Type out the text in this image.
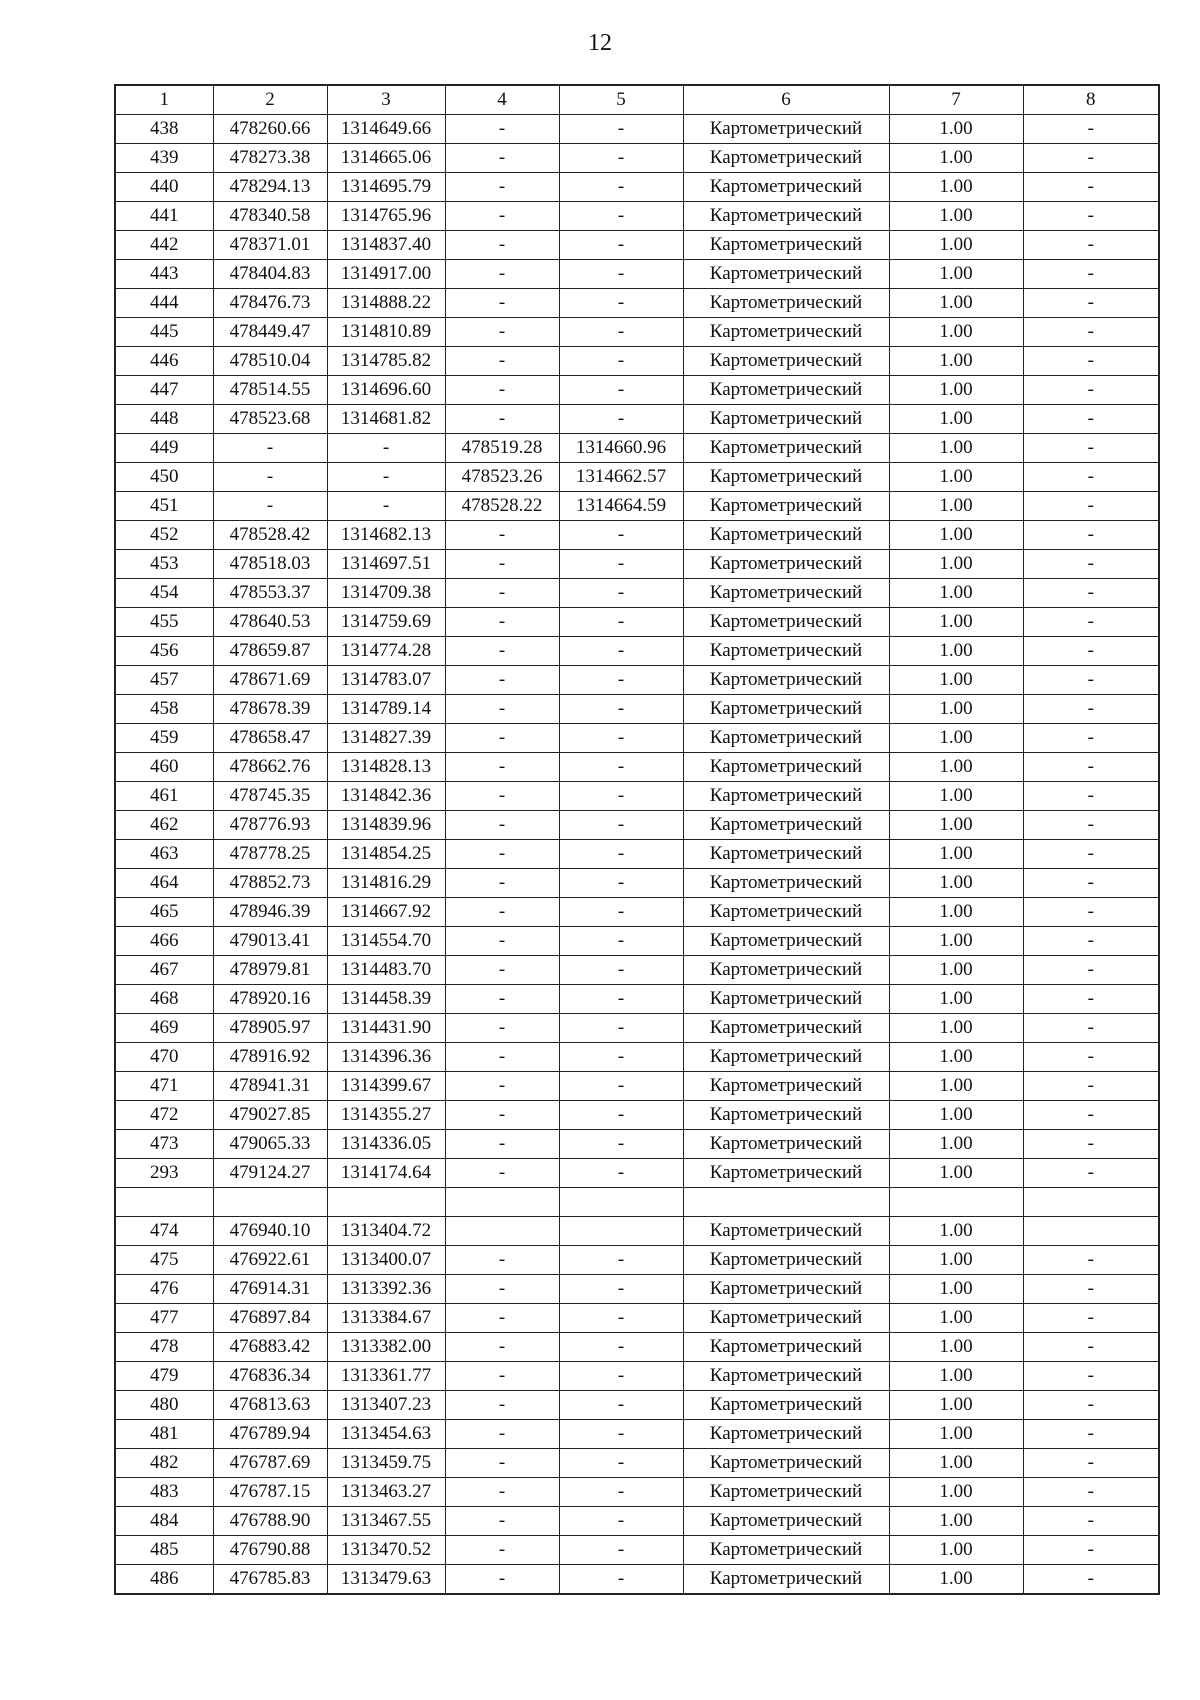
12
1	2	3	4	5	6	7	8
438	478260.66	1314649.66	-	-	Картометрический	1.00	-
439	478273.38	1314665.06	-	-	Картометрический	1.00	-
440	478294.13	1314695.79	-	-	Картометрический	1.00	-
441	478340.58	1314765.96	-	-	Картометрический	1.00	-
442	478371.01	1314837.40	-	-	Картометрический	1.00	-
443	478404.83	1314917.00	-	-	Картометрический	1.00	-
444	478476.73	1314888.22	-	-	Картометрический	1.00	-
445	478449.47	1314810.89	-	-	Картометрический	1.00	-
446	478510.04	1314785.82	-	-	Картометрический	1.00	-
447	478514.55	1314696.60	-	-	Картометрический	1.00	-
448	478523.68	1314681.82	-	-	Картометрический	1.00	-
449	-	-	478519.28	1314660.96	Картометрический	1.00	-
450	-	-	478523.26	1314662.57	Картометрический	1.00	-
451	-	-	478528.22	1314664.59	Картометрический	1.00	-
452	478528.42	1314682.13	-	-	Картометрический	1.00	-
453	478518.03	1314697.51	-	-	Картометрический	1.00	-
454	478553.37	1314709.38	-	-	Картометрический	1.00	-
455	478640.53	1314759.69	-	-	Картометрический	1.00	-
456	478659.87	1314774.28	-	-	Картометрический	1.00	-
457	478671.69	1314783.07	-	-	Картометрический	1.00	-
458	478678.39	1314789.14	-	-	Картометрический	1.00	-
459	478658.47	1314827.39	-	-	Картометрический	1.00	-
460	478662.76	1314828.13	-	-	Картометрический	1.00	-
461	478745.35	1314842.36	-	-	Картометрический	1.00	-
462	478776.93	1314839.96	-	-	Картометрический	1.00	-
463	478778.25	1314854.25	-	-	Картометрический	1.00	-
464	478852.73	1314816.29	-	-	Картометрический	1.00	-
465	478946.39	1314667.92	-	-	Картометрический	1.00	-
466	479013.41	1314554.70	-	-	Картометрический	1.00	-
467	478979.81	1314483.70	-	-	Картометрический	1.00	-
468	478920.16	1314458.39	-	-	Картометрический	1.00	-
469	478905.97	1314431.90	-	-	Картометрический	1.00	-
470	478916.92	1314396.36	-	-	Картометрический	1.00	-
471	478941.31	1314399.67	-	-	Картометрический	1.00	-
472	479027.85	1314355.27	-	-	Картометрический	1.00	-
473	479065.33	1314336.05	-	-	Картометрический	1.00	-
293	479124.27	1314174.64	-	-	Картометрический	1.00	-

474	476940.10	1313404.72			Картометрический	1.00	
475	476922.61	1313400.07	-	-	Картометрический	1.00	-
476	476914.31	1313392.36	-	-	Картометрический	1.00	-
477	476897.84	1313384.67	-	-	Картометрический	1.00	-
478	476883.42	1313382.00	-	-	Картометрический	1.00	-
479	476836.34	1313361.77	-	-	Картометрический	1.00	-
480	476813.63	1313407.23	-	-	Картометрический	1.00	-
481	476789.94	1313454.63	-	-	Картометрический	1.00	-
482	476787.69	1313459.75	-	-	Картометрический	1.00	-
483	476787.15	1313463.27	-	-	Картометрический	1.00	-
484	476788.90	1313467.55	-	-	Картометрический	1.00	-
485	476790.88	1313470.52	-	-	Картометрический	1.00	-
486	476785.83	1313479.63	-	-	Картометрический	1.00	-
